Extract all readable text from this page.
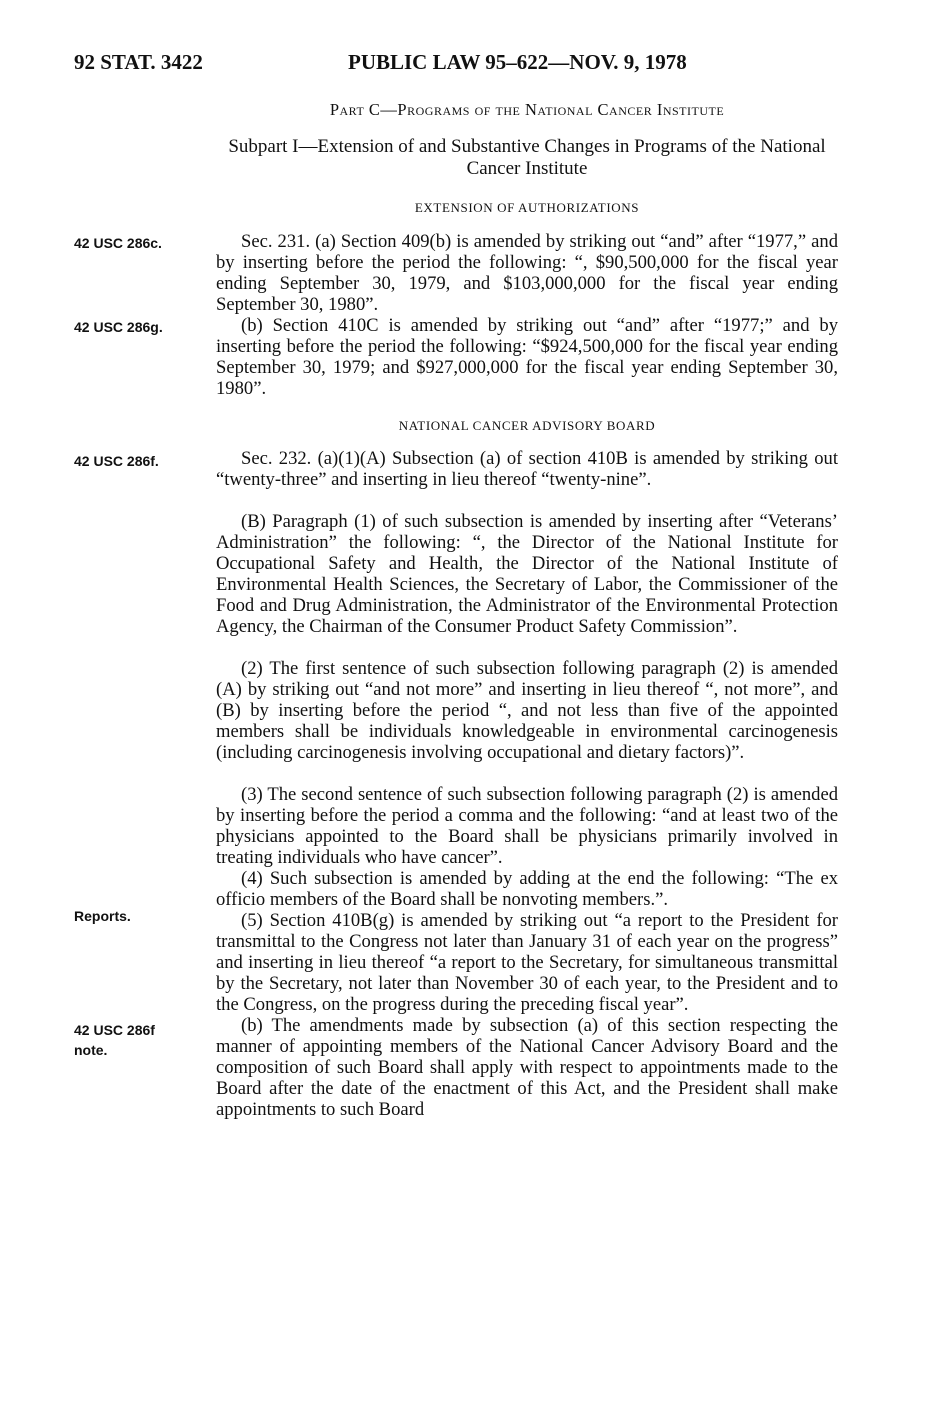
92 STAT. 3422	PUBLIC LAW 95–622—NOV. 9, 1978
Part C—Programs of the National Cancer Institute
Subpart I—Extension of and Substantive Changes in Programs of the National Cancer Institute
EXTENSION OF AUTHORIZATIONS
42 USC 286c.	Sec. 231. (a) Section 409(b) is amended by striking out “and” after “1977,” and by inserting before the period the following: “, $90,500,000 for the fiscal year ending September 30, 1979, and $103,000,000 for the fiscal year ending September 30, 1980”.

42 USC 286g.	(b) Section 410C is amended by striking out “and” after “1977;” and by inserting before the period the following: “$924,500,000 for the fiscal year ending September 30, 1979; and $927,000,000 for the fiscal year ending September 30, 1980”.

NATIONAL CANCER ADVISORY BOARD
42 USC 286f.	Sec. 232. (a)(1)(A) Subsection (a) of section 410B is amended by striking out “twenty-three” and inserting in lieu thereof “twenty-nine”.

(B) Paragraph (1) of such subsection is amended by inserting after “Veterans’ Administration” the following: “, the Director of the National Institute for Occupational Safety and Health, the Director of the National Institute of Environmental Health Sciences, the Secretary of Labor, the Commissioner of the Food and Drug Administration, the Administrator of the Environmental Protection Agency, the Chairman of the Consumer Product Safety Commission”.

(2) The first sentence of such subsection following paragraph (2) is amended (A) by striking out “and not more” and inserting in lieu thereof “, not more”, and (B) by inserting before the period “, and not less than five of the appointed members shall be individuals knowledgeable in environmental carcinogenesis (including carcinogenesis involving occupational and dietary factors)”.

(3) The second sentence of such subsection following paragraph (2) is amended by inserting before the period a comma and the following: “and at least two of the physicians appointed to the Board shall be physicians primarily involved in treating individuals who have cancer”.

(4) Such subsection is amended by adding at the end the following: “The ex officio members of the Board shall be nonvoting members.”.

Reports.	(5) Section 410B(g) is amended by striking out “a report to the President for transmittal to the Congress not later than January 31 of each year on the progress” and inserting in lieu thereof “a report to the Secretary, for simultaneous transmittal by the Secretary, not later than November 30 of each year, to the President and to the Congress, on the progress during the preceding fiscal year”.

42 USC 286f note.

(b) The amendments made by subsection (a) of this section respecting the manner of appointing members of the National Cancer Advisory Board and the composition of such Board shall apply with respect to appointments made to the Board after the date of the enactment of this Act, and the President shall make appointments to such Board
